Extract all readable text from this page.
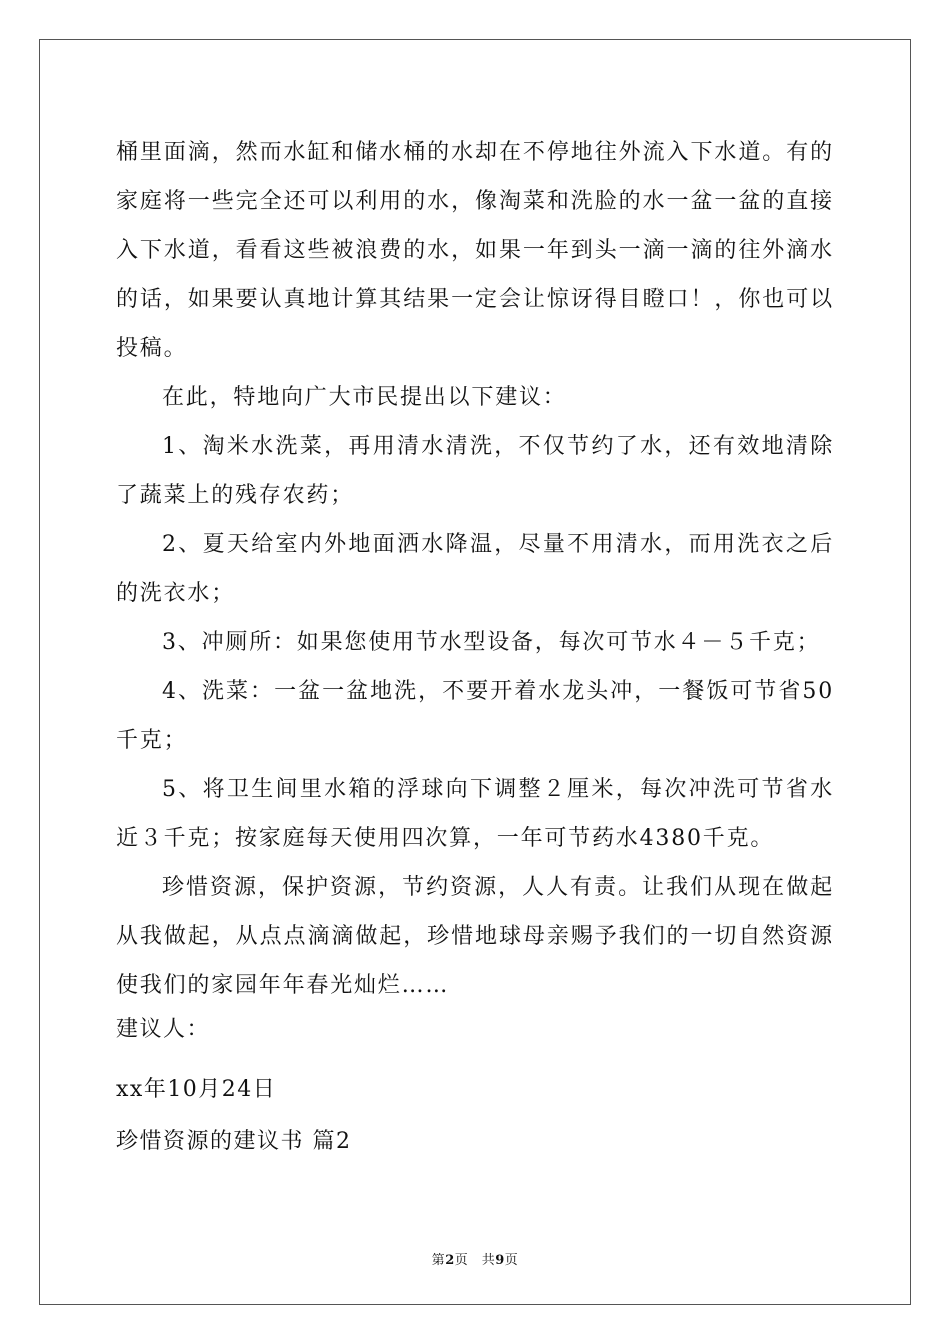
桶里面滴，然而水缸和储水桶的水却在不停地往外流入下水道。有的家庭将一些完全还可以利用的水，像淘菜和洗脸的水一盆一盆的直接入下水道，看看这些被浪费的水，如果一年到头一滴一滴的往外滴水的话，如果要认真地计算其结果一定会让惊讶得目瞪口！，你也可以投稿。

在此，特地向广大市民提出以下建议：

1、淘米水洗菜，再用清水清洗，不仅节约了水，还有效地清除了蔬菜上的残存农药；

2、夏天给室内外地面洒水降温，尽量不用清水，而用洗衣之后的洗衣水；

3、冲厕所：如果您使用节水型设备，每次可节水４－５千克；

4、洗菜：一盆一盆地洗，不要开着水龙头冲，一餐饭可节省50千克；

5、将卫生间里水箱的浮球向下调整２厘米，每次冲洗可节省水近３千克；按家庭每天使用四次算，一年可节药水4380千克。

珍惜资源，保护资源，节约资源，人人有责。让我们从现在做起从我做起，从点点滴滴做起，珍惜地球母亲赐予我们的一切自然资源使我们的家园年年春光灿烂……

建议人：

xx年10月24日

珍惜资源的建议书 篇2

第2页　共9页
